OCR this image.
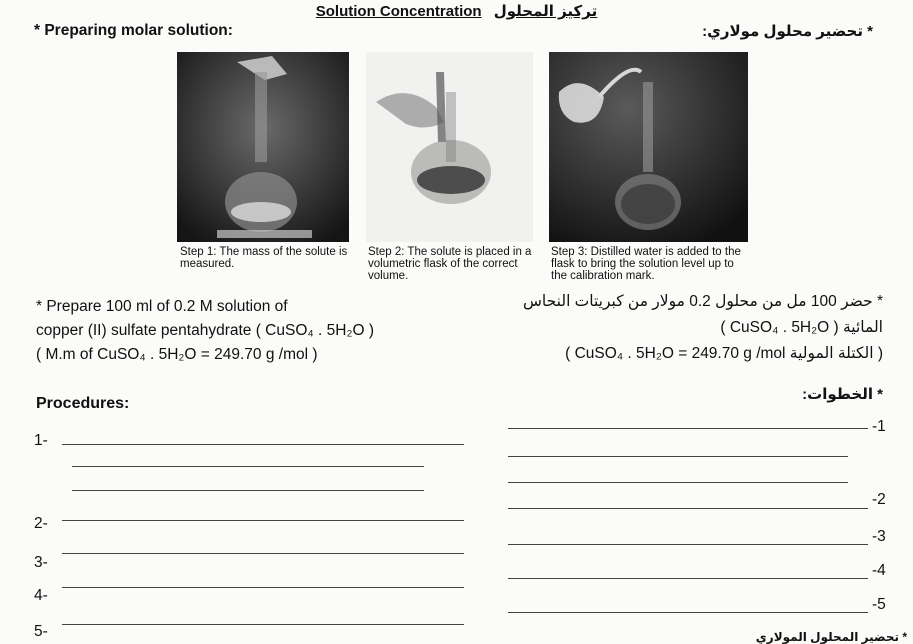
Solution Concentration تركيز المحلول
* Preparing molar solution:	* تحضير محلول مولاري:
Step 1: The mass of the solute is measured.
Step 2: The solute is placed in a volumetric flask of the correct volume.
Step 3: Distilled water is added to the flask to bring the solution level up to the calibration mark.
* Prepare 100 ml of 0.2 M solution of
copper (II) sulfate pentahydrate ( CuSO₄ . 5H₂O )
( M.m of CuSO₄ . 5H₂O = 249.70 g /mol )
* حضر 100 مل من محلول 0.2 مولار من كبريتات النحاس
المائية ( CuSO₄ . 5H₂O )
( الكتلة المولية CuSO₄ . 5H₂O = 249.70 g /mol )
Procedures:
* الخطوات:
1-
2-
3-
4-
5-
-1
-2
-3
-4
-5
* تحضير المحلول المولاري
